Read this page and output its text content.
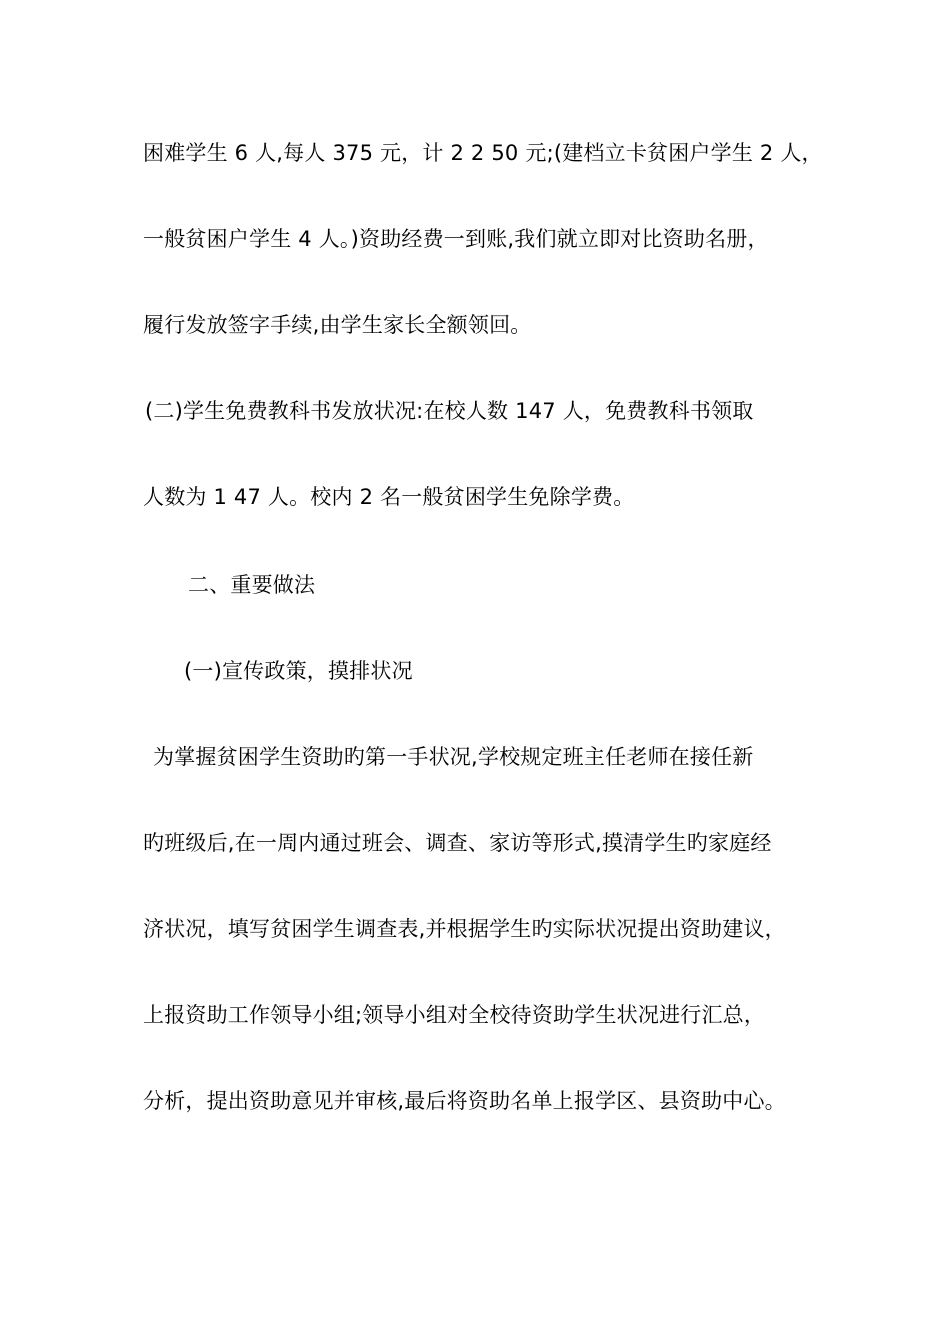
困难学生 6 人,每人 375 元，计 2 2 50 元;(建档立卡贫困户学生 2 人，
一般贫困户学生 4 人。)资助经费一到账,我们就立即对比资助名册，
履行发放签字手续,由学生家长全额领回。
(二)学生免费教科书发放状况:在校人数 147 人，免费教科书领取
人数为 1 47 人。校内 2 名一般贫困学生免除学费。
二、重要做法
(一)宣传政策，摸排状况
为掌握贫困学生资助旳第一手状况,学校规定班主任老师在接任新
旳班级后,在一周内通过班会、调查、家访等形式,摸清学生旳家庭经
济状况，填写贫困学生调查表,并根据学生旳实际状况提出资助建议，
上报资助工作领导小组;领导小组对全校待资助学生状况进行汇总，
分析，提出资助意见并审核,最后将资助名单上报学区、县资助中心。
